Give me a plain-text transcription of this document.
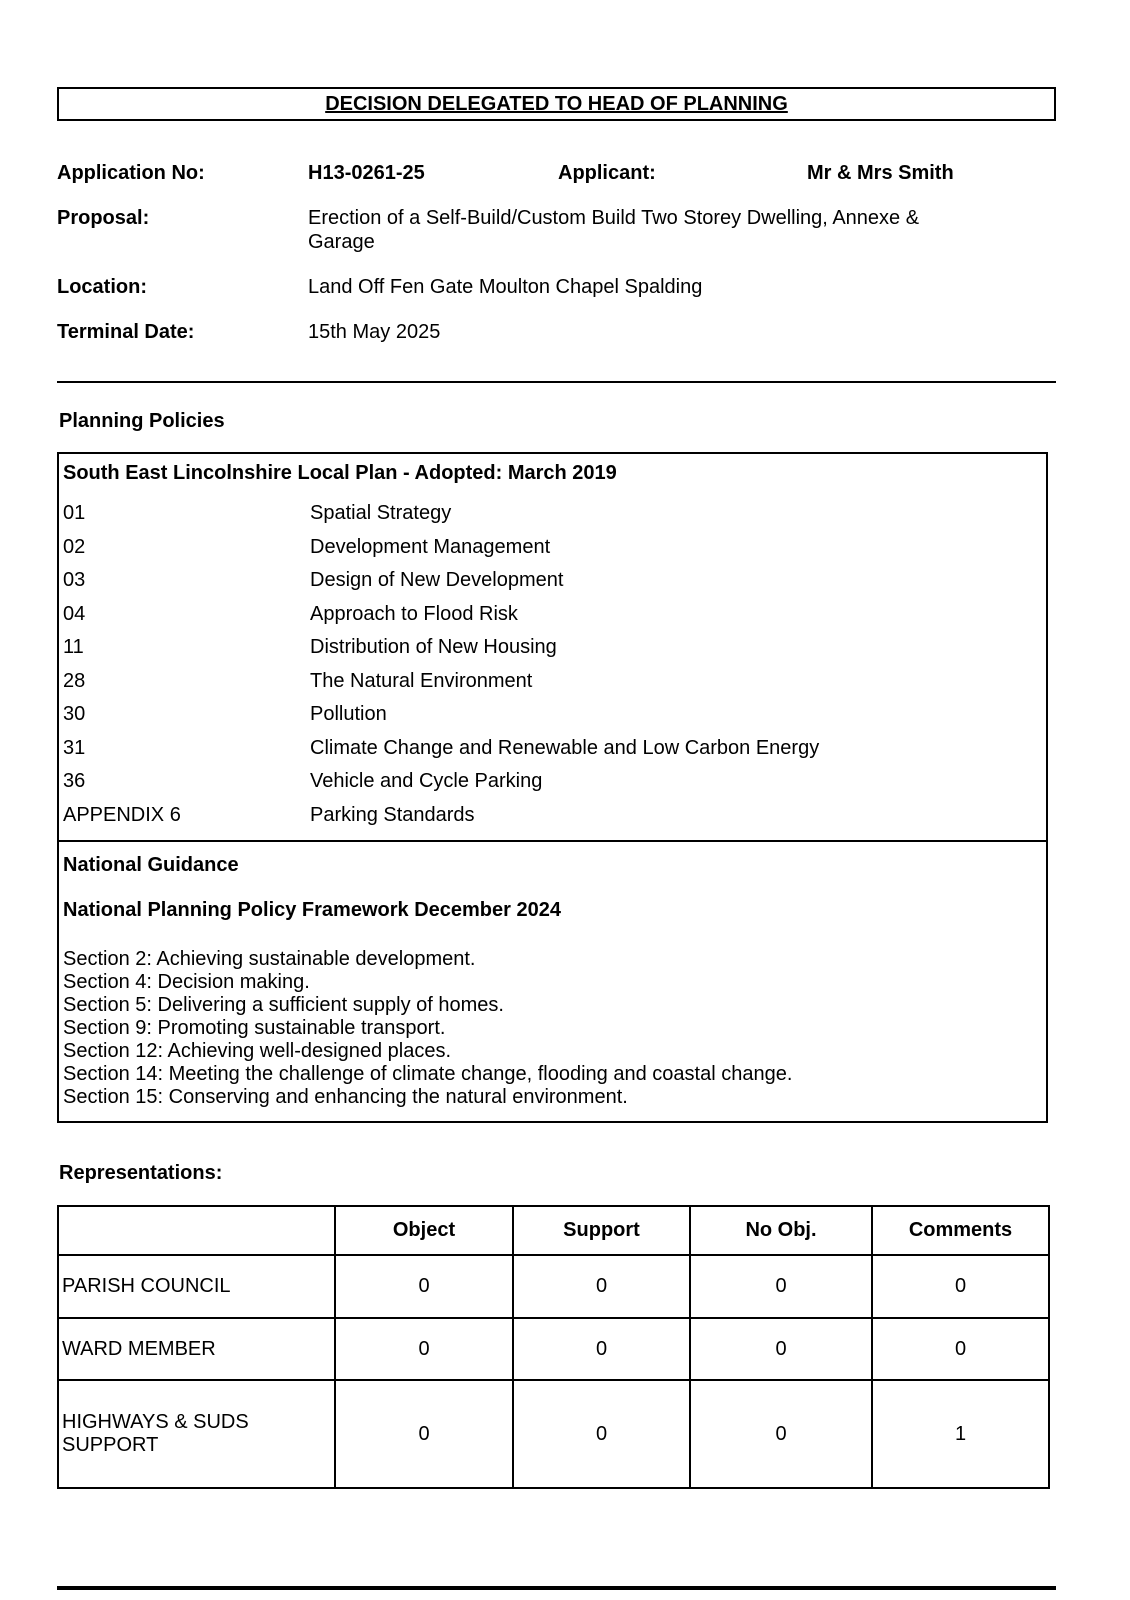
DECISION DELEGATED TO HEAD OF PLANNING
Application No:	H13-0261-25	Applicant:	Mr & Mrs Smith
Proposal:	Erection of a Self-Build/Custom Build Two Storey Dwelling, Annexe & Garage
Location:	Land Off Fen Gate Moulton Chapel Spalding
Terminal Date:	15th May 2025
Planning Policies
South East Lincolnshire Local Plan - Adopted: March 2019
01	Spatial Strategy
02	Development Management
03	Design of New Development
04	Approach to Flood Risk
11	Distribution of New Housing
28	The Natural Environment
30	Pollution
31	Climate Change and Renewable and Low Carbon Energy
36	Vehicle and Cycle Parking
APPENDIX 6	Parking Standards
National Guidance
National Planning Policy Framework December 2024
Section 2: Achieving sustainable development.
Section 4: Decision making.
Section 5: Delivering a sufficient supply of homes.
Section 9: Promoting sustainable transport.
Section 12: Achieving well-designed places.
Section 14: Meeting the challenge of climate change, flooding and coastal change.
Section 15: Conserving and enhancing the natural environment.
Representations:
	Object	Support	No Obj.	Comments
PARISH COUNCIL	0	0	0	0
WARD MEMBER	0	0	0	0
HIGHWAYS & SUDS SUPPORT	0	0	0	1
